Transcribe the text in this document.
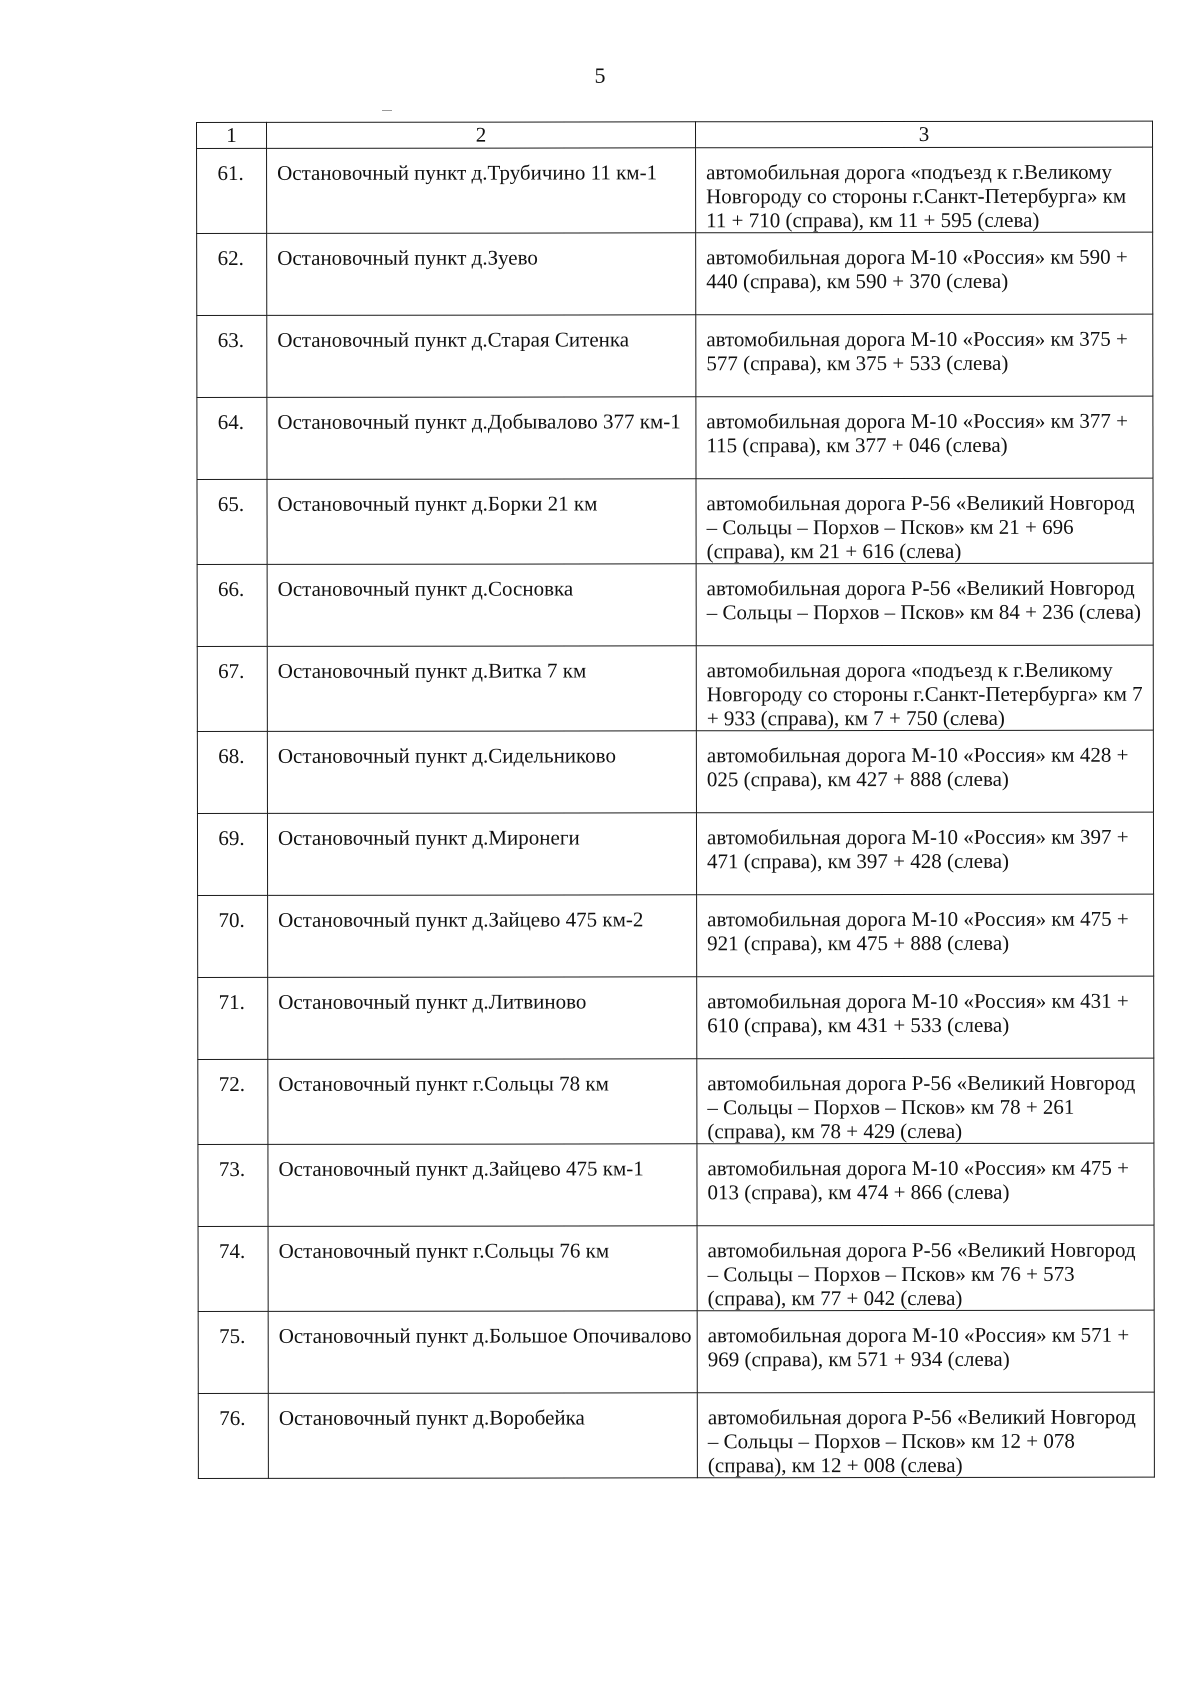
5
1	2	3
61.	Остановочный пункт д.Трубичино 11 км-1	автомобильная дорога «подъезд к г.Великому Новгороду со стороны г.Санкт-Петербурга» км 11 + 710 (справа), км 11 + 595 (слева)
62.	Остановочный пункт д.Зуево	автомобильная дорога М-10 «Россия» км 590 + 440 (справа), км 590 + 370 (слева)
63.	Остановочный пункт д.Старая Ситенка	автомобильная дорога М-10 «Россия» км 375 + 577 (справа), км 375 + 533 (слева)
64.	Остановочный пункт д.Добывалово 377 км-1	автомобильная дорога М-10 «Россия» км 377 + 115 (справа), км 377 + 046 (слева)
65.	Остановочный пункт д.Борки 21 км	автомобильная дорога Р-56 «Великий Новгород – Сольцы – Порхов – Псков» км 21 + 696 (справа), км 21 + 616 (слева)
66.	Остановочный пункт д.Сосновка	автомобильная дорога Р-56 «Великий Новгород – Сольцы – Порхов – Псков» км 84 + 236 (слева)
67.	Остановочный пункт д.Витка 7 км	автомобильная дорога «подъезд к г.Великому Новгороду со стороны г.Санкт-Петербурга» км 7 + 933 (справа), км 7 + 750 (слева)
68.	Остановочный пункт д.Сидельниково	автомобильная дорога М-10 «Россия» км 428 + 025 (справа), км 427 + 888 (слева)
69.	Остановочный пункт д.Миронеги	автомобильная дорога М-10 «Россия» км 397 + 471 (справа), км 397 + 428 (слева)
70.	Остановочный пункт д.Зайцево 475 км-2	автомобильная дорога М-10 «Россия» км 475 + 921 (справа), км 475 + 888 (слева)
71.	Остановочный пункт д.Литвиново	автомобильная дорога М-10 «Россия» км 431 + 610 (справа), км 431 + 533 (слева)
72.	Остановочный пункт г.Сольцы 78 км	автомобильная дорога Р-56 «Великий Новгород – Сольцы – Порхов – Псков» км 78 + 261 (справа), км 78 + 429 (слева)
73.	Остановочный пункт д.Зайцево 475 км-1	автомобильная дорога М-10 «Россия» км 475 + 013 (справа), км 474 + 866 (слева)
74.	Остановочный пункт г.Сольцы 76 км	автомобильная дорога Р-56 «Великий Новгород – Сольцы – Порхов – Псков» км 76 + 573 (справа), км 77 + 042 (слева)
75.	Остановочный пункт д.Большое Опочивалово	автомобильная дорога М-10 «Россия» км 571 + 969 (справа), км 571 + 934 (слева)
76.	Остановочный пункт д.Воробейка	автомобильная дорога Р-56 «Великий Новгород – Сольцы – Порхов – Псков» км 12 + 078 (справа), км 12 + 008 (слева)
